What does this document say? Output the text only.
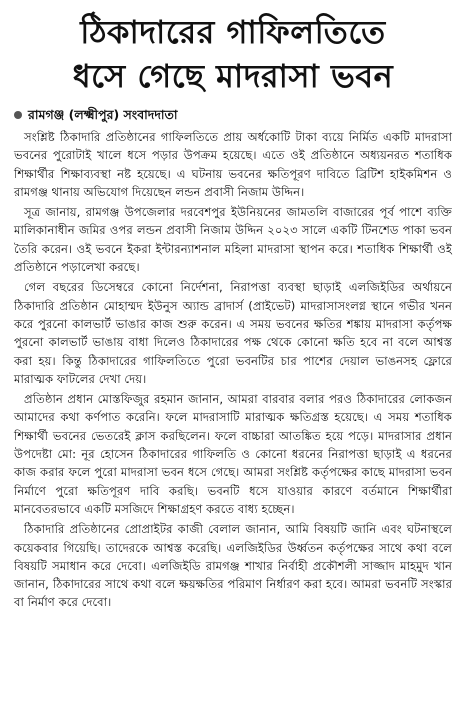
ঠিকাদারের গাফিলতিতে
ধসে গেছে মাদরাসা ভবন
রামগঞ্জ (লক্ষ্মীপুর) সংবাদদাতা

সংশ্লিষ্ট ঠিকাদারি প্রতিষ্ঠানের গাফিলতিতে প্রায় অর্ধকোটি টাকা ব্যয়ে নির্মিত একটি মাদরাসা ভবনের পুরোটাই খালে ধসে পড়ার উপক্রম হয়েছে। এতে ওই প্রতিষ্ঠানে অধ্যয়নরত শতাধিক শিক্ষার্থীর শিক্ষাব্যবস্থা নষ্ট হয়েছে। এ ঘটনায় ভবনের ক্ষতিপূরণ দাবিতে ব্রিটিশ হাইকমিশন ও রামগঞ্জ থানায় অভিযোগ দিয়েছেন লন্ডন প্রবাসী নিজাম উদ্দিন।

সূত্র জানায়, রামগঞ্জ উপজেলার দরবেশপুর ইউনিয়নের জামতলি বাজারের পূর্ব পাশে ব্যক্তি মালিকানাধীন জমির ওপর লন্ডন প্রবাসী নিজাম উদ্দিন ২০২৩ সালে একটি টিনশেড পাকা ভবন তৈরি করেন। ওই ভবনে ইকরা ইন্টারন্যাশনাল মহিলা মাদরাসা স্থাপন করে। শতাধিক শিক্ষার্থী ওই প্রতিষ্ঠানে পড়ালেখা করছে।

গেল বছরের ডিসেম্বরে কোনো নির্দেশনা, নিরাপত্তা ব্যবস্থা ছাড়াই এলজিইডির অর্থায়নে ঠিকাদারি প্রতিষ্ঠান মোহাম্মদ ইউনুস অ্যান্ড ব্রাদার্স (প্রাইভেট) মাদরাসাসংলগ্ন স্থানে গভীর খনন করে পুরনো কালভার্ট ভাঙার কাজ শুরু করেন। এ সময় ভবনের ক্ষতির শঙ্কায় মাদরাসা কর্তৃপক্ষ পুরনো কালভার্ট ভাঙায় বাধা দিলেও ঠিকাদারের পক্ষ থেকে কোনো ক্ষতি হবে না বলে আশ্বস্ত করা হয়। কিন্তু ঠিকাদারের গাফিলতিতে পুরো ভবনটির চার পাশের দেয়াল ভাঙনসহ ফ্লোরে মারাত্মক ফাটলের দেখা দেয়।

প্রতিষ্ঠান প্রধান মোস্তফিজুর রহমান জানান, আমরা বারবার বলার পরও ঠিকাদারের লোকজন আমাদের কথা কর্ণপাত করেনি। ফলে মাদরাসাটি মারাত্মক ক্ষতিগ্রস্ত হয়েছে। এ সময় শতাধিক শিক্ষার্থী ভবনের ভেতরেই ক্লাস করছিলেন। ফলে বাচ্চারা আতঙ্কিত হয়ে পড়ে। মাদরাসার প্রধান উপদেষ্টা মো: নূর হোসেন ঠিকাদারের গাফিলতি ও কোনো ধরনের নিরাপত্তা ছাড়াই এ ধরনের কাজ করার ফলে পুরো মাদরাসা ভবন ধসে গেছে। আমরা সংশ্লিষ্ট কর্তৃপক্ষের কাছে মাদরাসা ভবন নির্মাণে পুরো ক্ষতিপূরণ দাবি করছি। ভবনটি ধসে যাওয়ার কারণে বর্তমানে শিক্ষার্থীরা মানবেতরভাবে একটি মসজিদে শিক্ষাগ্রহণ করতে বাধ্য হচ্ছেন।

ঠিকাদারি প্রতিষ্ঠানের প্রোপ্রাইটর কাজী বেলাল জানান, আমি বিষয়টি জানি এবং ঘটনাস্থলে কয়েকবার গিয়েছি। তাদেরকে আশ্বস্ত করেছি। এলজিইডির উর্ধ্বতন কর্তৃপক্ষের সাথে কথা বলে বিষয়টি সমাধান করে দেবো। এলজিইডি রামগঞ্জ শাখার নির্বাহী প্রকৌশলী সাজ্জাদ মাহমুদ খান জানান, ঠিকাদারের সাথে কথা বলে ক্ষয়ক্ষতির পরিমাণ নির্ধারণ করা হবে। আমরা ভবনটি সংস্কার বা নির্মাণ করে দেবো।
